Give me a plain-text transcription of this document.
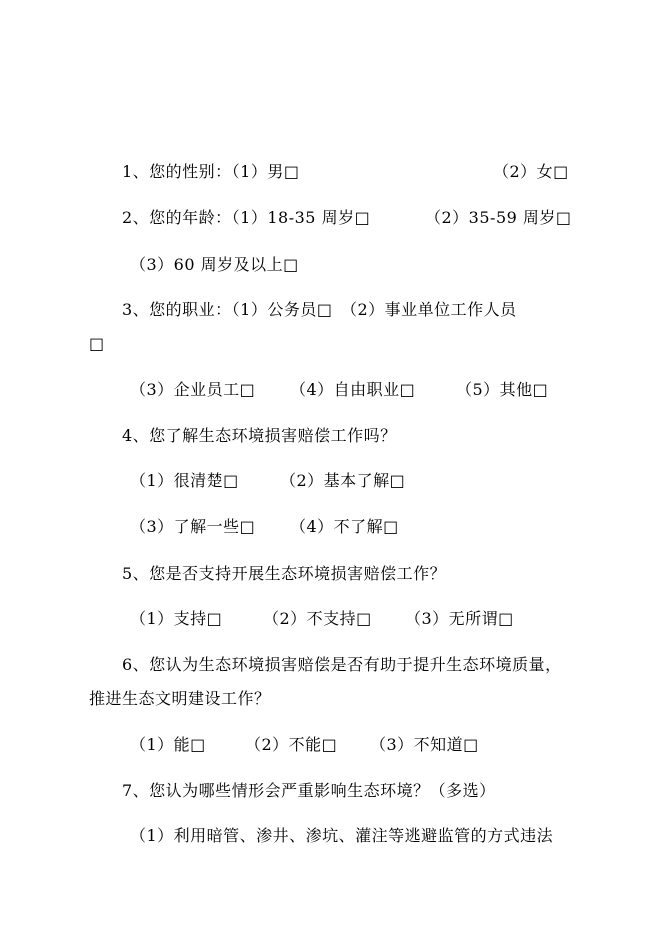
1、您的性别：（1）男□	（2）女□
2、您的年龄：（1）18-35 周岁□	（2）35-59 周岁□
（3）60 周岁及以上□
3、您的职业：（1）公务员□　（2）事业单位工作人员
□
（3）企业员工□ （4）自由职业□	（5）其他□
4、您了解生态环境损害赔偿工作吗？
（1）很清楚□	（2）基本了解□
（3）了解一些□ （4）不了解□
5、您是否支持开展生态环境损害赔偿工作？
（1）支持□	（2）不支持□ （3）无所谓□
6、您认为生态环境损害赔偿是否有助于提升生态环境质量，
推进生态文明建设工作？
（1）能□ （2）不能□ （3）不知道□
7、您认为哪些情形会严重影响生态环境？（多选）
（1）利用暗管、渗井、渗坑、灌注等逃避监管的方式违法
